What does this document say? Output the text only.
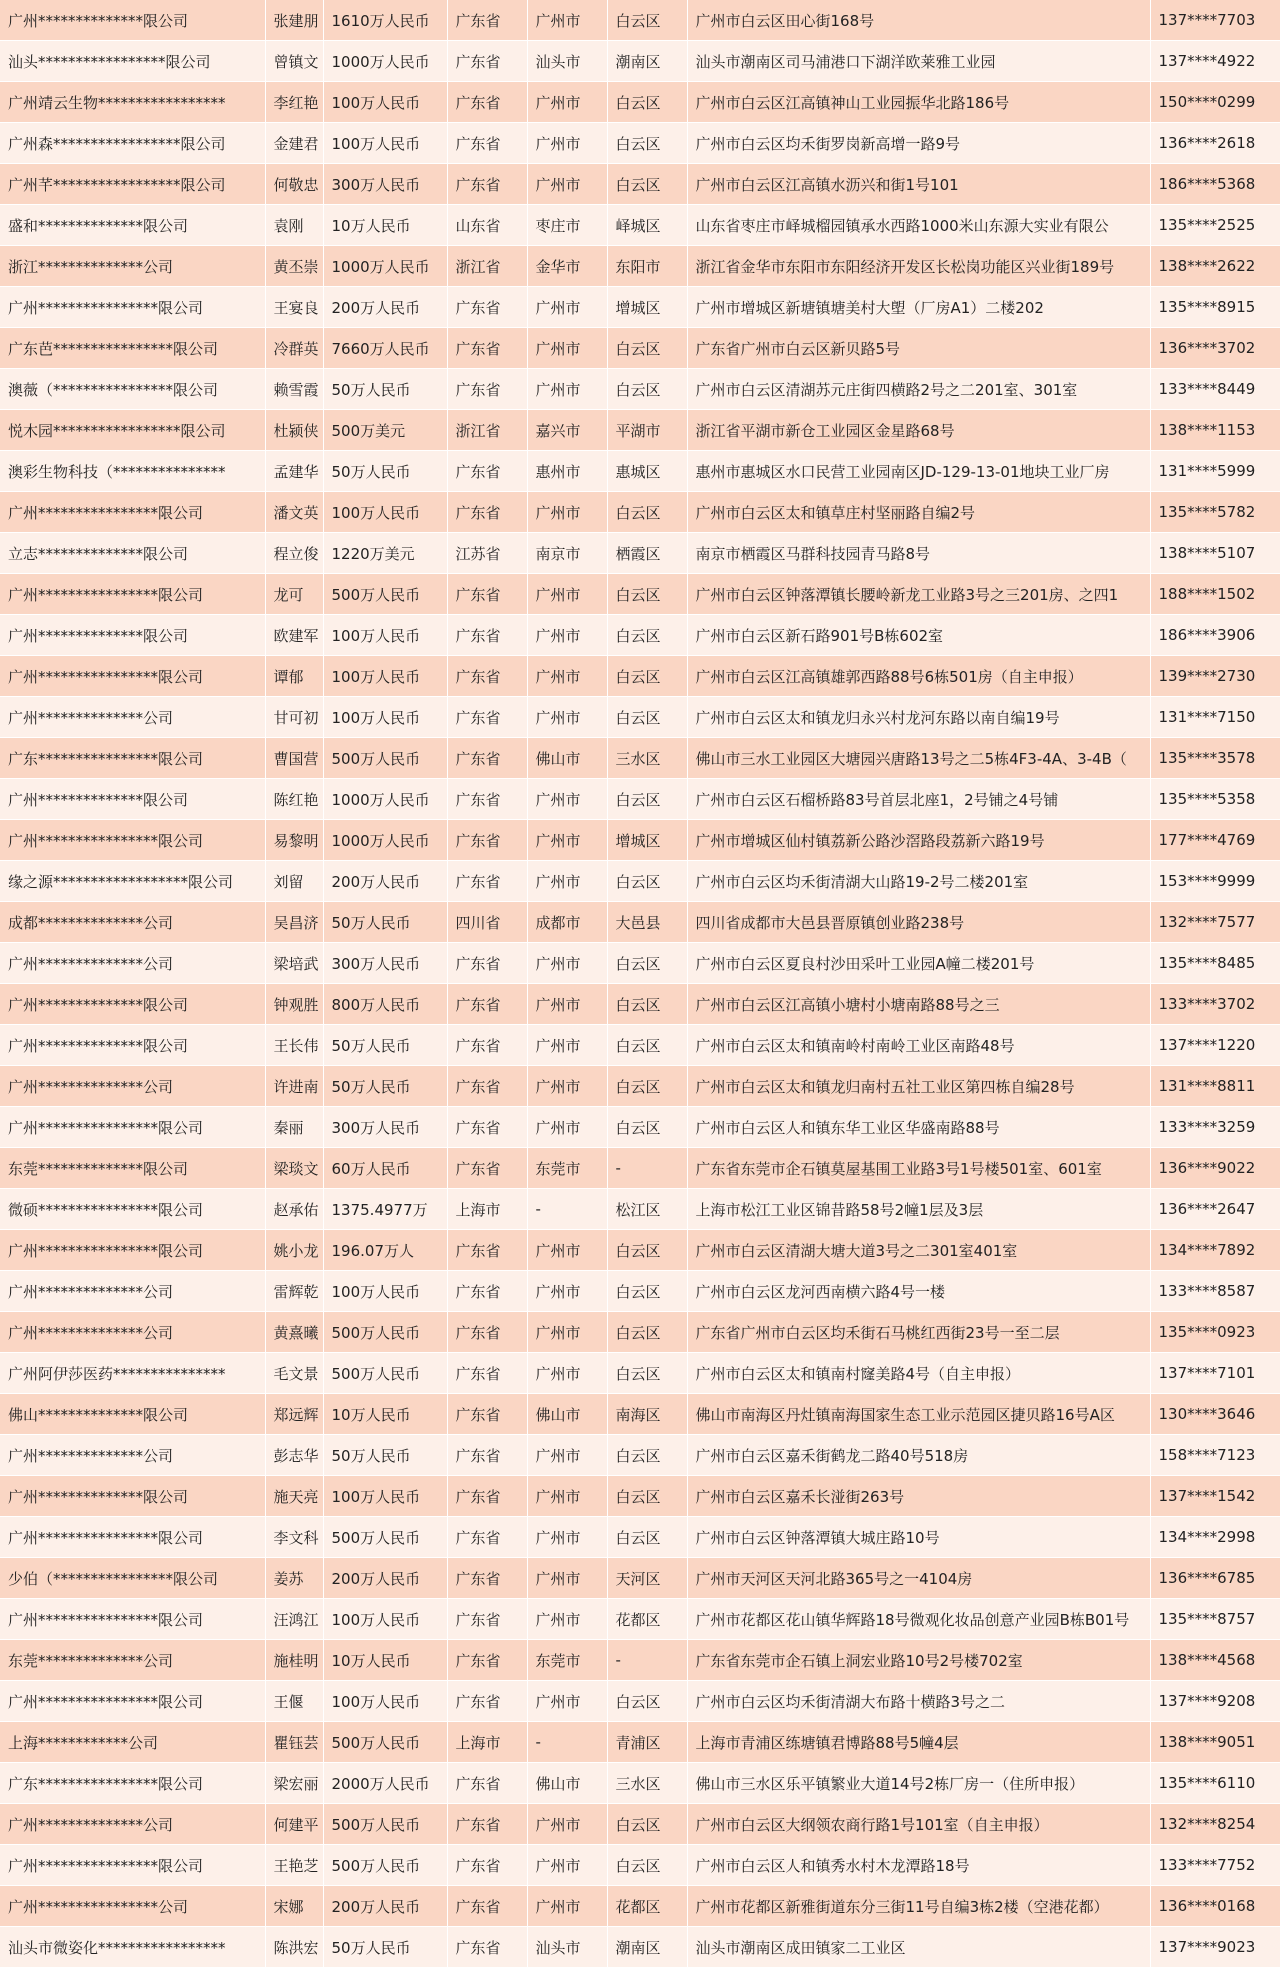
广州**************限公司	张建朋	1610万人民币	广东省	广州市	白云区	广州市白云区田心街168号	137****7703
汕头*****************限公司	曾镇文	1000万人民币	广东省	汕头市	潮南区	汕头市潮南区司马浦港口下湖洋欧莱雅工业园	137****4922
广州靖云生物*****************	李红艳	100万人民币	广东省	广州市	白云区	广州市白云区江高镇神山工业园振华北路186号	150****0299
广州森*****************限公司	金建君	100万人民币	广东省	广州市	白云区	广州市白云区均禾街罗岗新高增一路9号	136****2618
广州芊*****************限公司	何敬忠	300万人民币	广东省	广州市	白云区	广州市白云区江高镇水沥兴和街1号101	186****5368
盛和**************限公司	袁刚	10万人民币	山东省	枣庄市	峄城区	山东省枣庄市峄城榴园镇承水西路1000米山东源大实业有限公	135****2525
浙江**************公司	黄丕崇	1000万人民币	浙江省	金华市	东阳市	浙江省金华市东阳市东阳经济开发区长松岗功能区兴业街189号	138****2622
广州****************限公司	王宴良	200万人民币	广东省	广州市	增城区	广州市增城区新塘镇塘美村大塱（厂房A1）二楼202	135****8915
广东芭****************限公司	冷群英	7660万人民币	广东省	广州市	白云区	广东省广州市白云区新贝路5号	136****3702
澳薇（****************限公司	赖雪霞	50万人民币	广东省	广州市	白云区	广州市白云区清湖苏元庄街四横路2号之二201室、301室	133****8449
悦木园*****************限公司	杜颍侠	500万美元	浙江省	嘉兴市	平湖市	浙江省平湖市新仓工业园区金星路68号	138****1153
澳彩生物科技（***************	孟建华	50万人民币	广东省	惠州市	惠城区	惠州市惠城区水口民营工业园南区JD-129-13-01地块工业厂房	131****5999
广州****************限公司	潘文英	100万人民币	广东省	广州市	白云区	广州市白云区太和镇草庄村坚丽路自编2号	135****5782
立志**************限公司	程立俊	1220万美元	江苏省	南京市	栖霞区	南京市栖霞区马群科技园青马路8号	138****5107
广州****************限公司	龙可	500万人民币	广东省	广州市	白云区	广州市白云区钟落潭镇长腰岭新龙工业路3号之三201房、之四1	188****1502
广州**************限公司	欧建军	100万人民币	广东省	广州市	白云区	广州市白云区新石路901号B栋602室	186****3906
广州****************限公司	谭郁	100万人民币	广东省	广州市	白云区	广州市白云区江高镇雄郭西路88号6栋501房（自主申报）	139****2730
广州**************公司	甘可初	100万人民币	广东省	广州市	白云区	广州市白云区太和镇龙归永兴村龙河东路以南自编19号	131****7150
广东****************限公司	曹国营	500万人民币	广东省	佛山市	三水区	佛山市三水工业园区大塘园兴唐路13号之二5栋4F3-4A、3-4B（	135****3578
广州**************限公司	陈红艳	1000万人民币	广东省	广州市	白云区	广州市白云区石榴桥路83号首层北座1，2号铺之4号铺	135****5358
广州****************限公司	易黎明	1000万人民币	广东省	广州市	增城区	广州市增城区仙村镇荔新公路沙滘路段荔新六路19号	177****4769
缘之源******************限公司	刘留	200万人民币	广东省	广州市	白云区	广州市白云区均禾街清湖大山路19-2号二楼201室	153****9999
成都**************公司	吴昌济	50万人民币	四川省	成都市	大邑县	四川省成都市大邑县晋原镇创业路238号	132****7577
广州**************公司	梁培武	300万人民币	广东省	广州市	白云区	广州市白云区夏良村沙田采叶工业园A幢二楼201号	135****8485
广州**************限公司	钟观胜	800万人民币	广东省	广州市	白云区	广州市白云区江高镇小塘村小塘南路88号之三	133****3702
广州**************限公司	王长伟	50万人民币	广东省	广州市	白云区	广州市白云区太和镇南岭村南岭工业区南路48号	137****1220
广州**************公司	许进南	50万人民币	广东省	广州市	白云区	广州市白云区太和镇龙归南村五社工业区第四栋自编28号	131****8811
广州****************限公司	秦丽	300万人民币	广东省	广州市	白云区	广州市白云区人和镇东华工业区华盛南路88号	133****3259
东莞**************限公司	梁琰文	60万人民币	广东省	东莞市	-	广东省东莞市企石镇莫屋基围工业路3号1号楼501室、601室	136****9022
微硕****************限公司	赵承佑	1375.4977万	上海市	-	松江区	上海市松江工业区锦昔路58号2幢1层及3层	136****2647
广州****************限公司	姚小龙	196.07万人	广东省	广州市	白云区	广州市白云区清湖大塘大道3号之二301室401室	134****7892
广州**************公司	雷辉乾	100万人民币	广东省	广州市	白云区	广州市白云区龙河西南横六路4号一楼	133****8587
广州**************公司	黄熹曦	500万人民币	广东省	广州市	白云区	广东省广州市白云区均禾街石马桃红西街23号一至二层	135****0923
广州阿伊莎医药***************	毛文景	500万人民币	广东省	广州市	白云区	广州市白云区太和镇南村窿美路4号（自主申报）	137****7101
佛山**************限公司	郑远辉	10万人民币	广东省	佛山市	南海区	佛山市南海区丹灶镇南海国家生态工业示范园区捷贝路16号A区	130****3646
广州**************公司	彭志华	50万人民币	广东省	广州市	白云区	广州市白云区嘉禾街鹤龙二路40号518房	158****7123
广州**************限公司	施天亮	100万人民币	广东省	广州市	白云区	广州市白云区嘉禾长湴街263号	137****1542
广州****************限公司	李文科	500万人民币	广东省	广州市	白云区	广州市白云区钟落潭镇大城庄路10号	134****2998
少伯（****************限公司	姜苏	200万人民币	广东省	广州市	天河区	广州市天河区天河北路365号之一4104房	136****6785
广州****************限公司	汪鸿江	100万人民币	广东省	广州市	花都区	广州市花都区花山镇华辉路18号微观化妆品创意产业园B栋B01号	135****8757
东莞**************公司	施桂明	10万人民币	广东省	东莞市	-	广东省东莞市企石镇上洞宏业路10号2号楼702室	138****4568
广州****************限公司	王偃	100万人民币	广东省	广州市	白云区	广州市白云区均禾街清湖大布路十横路3号之二	137****9208
上海************公司	瞿钰芸	500万人民币	上海市	-	青浦区	上海市青浦区练塘镇君博路88号5幢4层	138****9051
广东****************限公司	梁宏丽	2000万人民币	广东省	佛山市	三水区	佛山市三水区乐平镇繁业大道14号2栋厂房一（住所申报）	135****6110
广州**************公司	何建平	500万人民币	广东省	广州市	白云区	广州市白云区大纲领农商行路1号101室（自主申报）	132****8254
广州****************限公司	王艳芝	500万人民币	广东省	广州市	白云区	广州市白云区人和镇秀水村木龙潭路18号	133****7752
广州****************公司	宋娜	200万人民币	广东省	广州市	花都区	广州市花都区新雅街道东分三街11号自编3栋2楼（空港花都）	136****0168
汕头市微姿化*****************	陈洪宏	50万人民币	广东省	汕头市	潮南区	汕头市潮南区成田镇家二工业区	137****9023
